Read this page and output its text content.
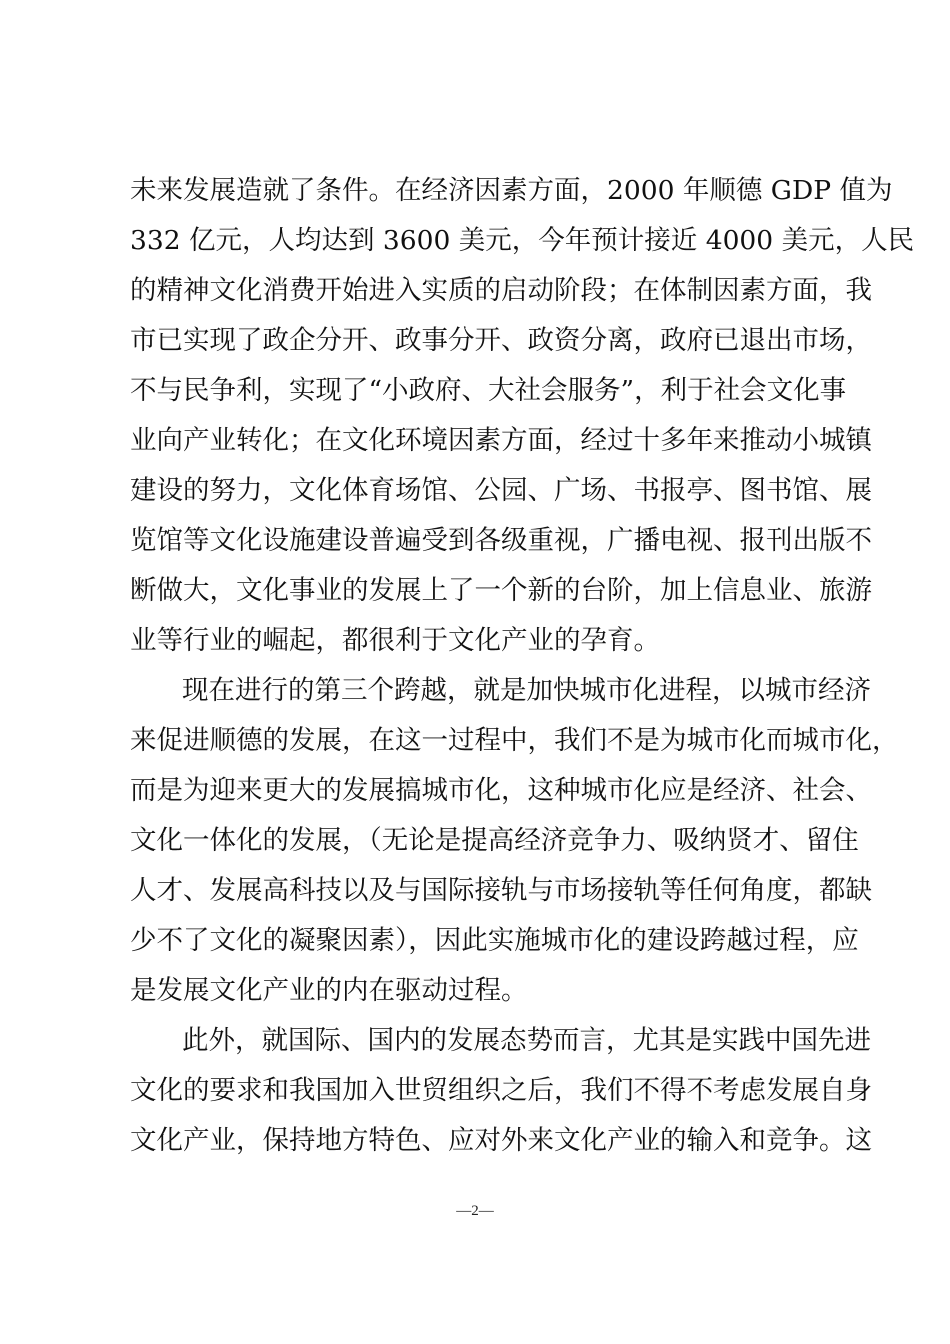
未来发展造就了条件。在经济因素方面，2000 年顺德 GDP 值为
332 亿元，人均达到 3600 美元，今年预计接近 4000 美元，人民
的精神文化消费开始进入实质的启动阶段；在体制因素方面，我
市已实现了政企分开、政事分开、政资分离，政府已退出市场，
不与民争利，实现了“小政府、大社会服务”，利于社会文化事
业向产业转化；在文化环境因素方面，经过十多年来推动小城镇
建设的努力，文化体育场馆、公园、广场、书报亭、图书馆、展
览馆等文化设施建设普遍受到各级重视，广播电视、报刊出版不
断做大，文化事业的发展上了一个新的台阶，加上信息业、旅游
业等行业的崛起，都很利于文化产业的孕育。
现在进行的第三个跨越，就是加快城市化进程，以城市经济
来促进顺德的发展，在这一过程中，我们不是为城市化而城市化，
而是为迎来更大的发展搞城市化，这种城市化应是经济、社会、
文化一体化的发展，（无论是提高经济竞争力、吸纳贤才、留住
人才、发展高科技以及与国际接轨与市场接轨等任何角度，都缺
少不了文化的凝聚因素），因此实施城市化的建设跨越过程，应
是发展文化产业的内在驱动过程。
此外，就国际、国内的发展态势而言，尤其是实践中国先进
文化的要求和我国加入世贸组织之后，我们不得不考虑发展自身
文化产业，保持地方特色、应对外来文化产业的输入和竞争。这
—2—
